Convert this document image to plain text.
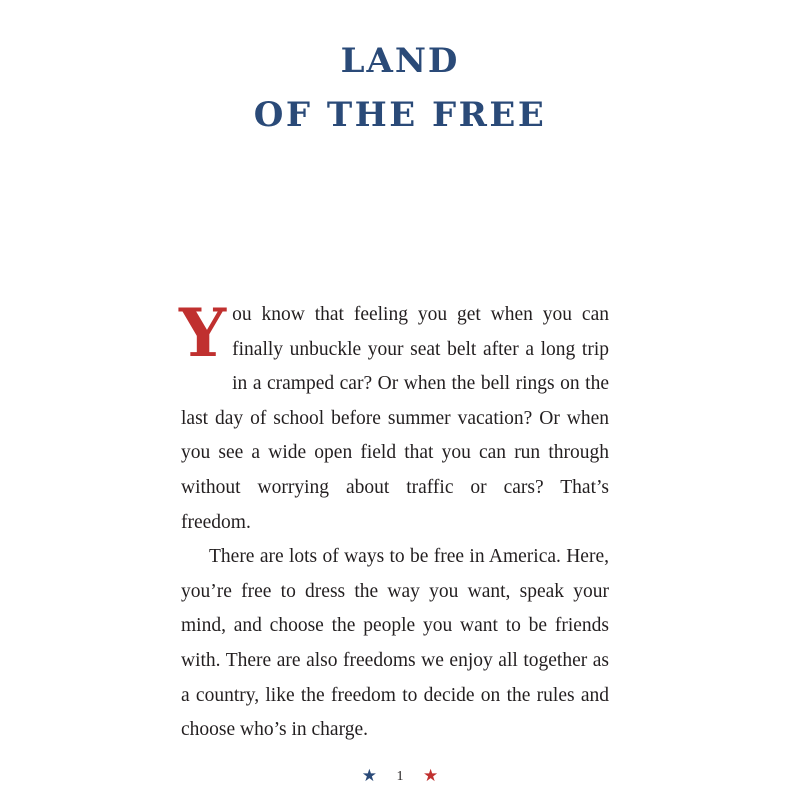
LAND
OF THE FREE

You know that feeling you get when you can finally unbuckle your seat belt after a long trip in a cramped car? Or when the bell rings on the last day of school before summer vacation? Or when you see a wide open field that you can run through without worrying about traffic or cars? That’s freedom.

There are lots of ways to be free in America. Here, you’re free to dress the way you want, speak your mind, and choose the people you want to be friends with. There are also freedoms we enjoy all together as a country, like the freedom to decide on the rules and choose who’s in charge.

★ 1 ★
